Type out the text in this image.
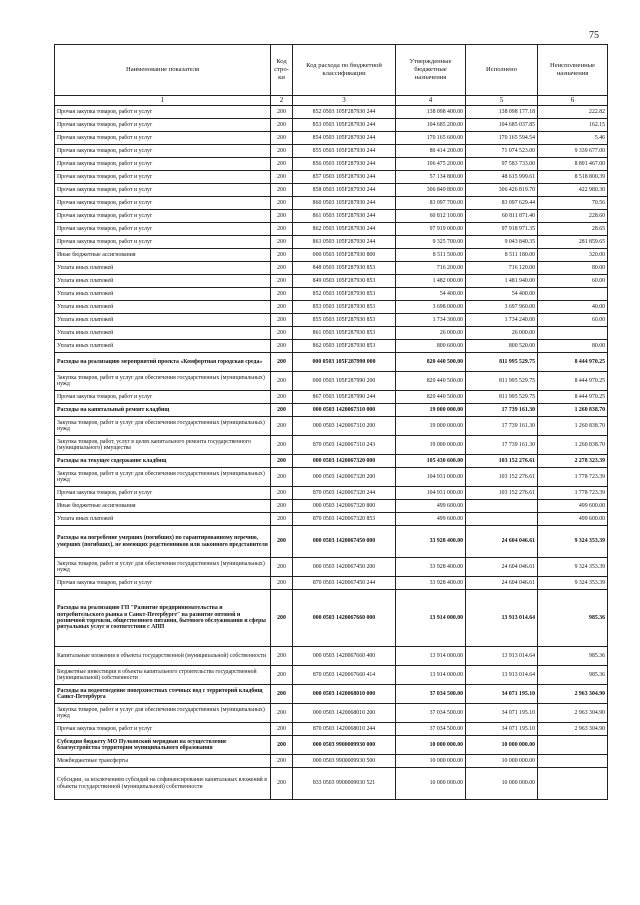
75
Наименование показателя	Код стро-ки	Код расхода по бюджетной классификации	Утвержденные бюджетные назначения	Исполнено	Неисполненные назначения
1	2	3	4	5	6
Прочая закупка товаров, работ и услуг	200	852 0503 105F287930 244	138 098 400.00	138 098 177.18	222.82
Прочая закупка товаров, работ и услуг	200	853 0503 105F287930 244	104 685 200.00	104 685 037.85	162.15
Прочая закупка товаров, работ и услуг	200	854 0503 105F287930 244	170 165 600.00	170 165 594.54	5.46
Прочая закупка товаров, работ и услуг	200	855 0503 105F287930 244	80 414 200.00	71 074 523.00	9 339 677.00
Прочая закупка товаров, работ и услуг	200	856 0503 105F287930 244	106 475 200.00	97 583 733.00	8 891 467.00
Прочая закупка товаров, работ и услуг	200	857 0503 105F287930 244	57 134 800.00	48 615 999.61	8 518 800.39
Прочая закупка товаров, работ и услуг	200	858 0503 105F287930 244	306 849 800.00	306 426 819.70	422 980.30
Прочая закупка товаров, работ и услуг	200	860 0503 105F287930 244	83 097 700.00	83 097 629.44	70.56
Прочая закупка товаров, работ и услуг	200	861 0503 105F287930 244	60 812 100.00	60 811 871.40	228.60
Прочая закупка товаров, работ и услуг	200	862 0503 105F287930 244	97 919 000.00	97 918 971.35	28.65
Прочая закупка товаров, работ и услуг	200	863 0503 105F287930 244	9 325 700.00	9 043 840.35	281 859.65
Иные бюджетные ассигнования	200	000 0503 105F287930 800	8 511 500.00	8 511 180.00	320.00
Уплата иных платежей	200	848 0503 105F287930 853	716 200.00	716 120.00	80.00
Уплата иных платежей	200	849 0503 105F287930 853	1 482 000.00	1 481 940.00	60.00
Уплата иных платежей	200	852 0503 105F287930 853	54 400.00	54 400.00	
Уплата иных платежей	200	853 0503 105F287930 853	3 698 000.00	3 697 960.00	40.00
Уплата иных платежей	200	855 0503 105F287930 853	1 734 300.00	1 734 240.00	60.00
Уплата иных платежей	200	861 0503 105F287930 853	26 000.00	26 000.00	
Уплата иных платежей	200	862 0503 105F287930 853	800 600.00	800 520.00	80.00
Расходы на реализацию мероприятий проекта «Комфортная городская среда»	200	000 0503 105F287990 000	820 440 500.00	811 995 529.75	8 444 970.25
Закупка товаров, работ и услуг для обеспечения государственных (муниципальных) нужд	200	000 0503 105F287990 200	820 440 500.00	811 995 529.75	8 444 970.25
Прочая закупка товаров, работ и услуг	200	867 0503 105F287990 244	820 440 500.00	811 995 529.75	8 444 970.25
Расходы на капитальный ремонт кладбищ	200	000 0503 1420067310 000	19 000 000.00	17 739 161.30	1 260 838.70
Закупка товаров, работ и услуг для обеспечения государственных (муниципальных) нужд	200	000 0503 1420067310 200	19 000 000.00	17 739 161.30	1 260 838.70
Закупка товаров, работ, услуг в целях капитального ремонта государственного (муниципального) имущества	200	870 0503 1420067310 243	19 000 000.00	17 739 161.30	1 260 838.70
Расходы на текущее содержание кладбищ	200	000 0503 1420067320 000	105 430 600.00	103 152 276.61	2 278 323.39
Закупка товаров, работ и услуг для обеспечения государственных (муниципальных) нужд	200	000 0503 1420067320 200	104 931 000.00	103 152 276.61	1 778 723.39
Прочая закупка товаров, работ и услуг	200	870 0503 1420067320 244	104 931 000.00	103 152 276.61	1 778 723.39
Иные бюджетные ассигнования	200	000 0503 1420067320 800	499 600.00		499 600.00
Уплата иных платежей	200	870 0503 1420067320 853	499 600.00		499 600.00
Расходы на погребение умерших (погибших) по гарантированному перечню, умерших (погибших), не имеющих родственников или законного представителя	200	000 0503 1420067450 000	33 928 400.00	24 604 046.61	9 324 353.39
Закупка товаров, работ и услуг для обеспечения государственных (муниципальных) нужд	200	000 0503 1420067450 200	33 928 400.00	24 604 046.61	9 324 353.39
Прочая закупка товаров, работ и услуг	200	870 0503 1420067450 244	33 928 400.00	24 604 046.61	9 324 353.39
Расходы на реализацию ГП "Развитие предпринимательства и потребительского рынка в Санкт-Петербурге" на развитие оптовой и розничной торговли, общественного питания, бытового обслуживания и сферы ритуальных услуг в соответствии с АПП	200	000 0503 1420067660 000	13 914 000.00	13 913 014.64	985.36
Капитальные вложения в объекты государственной (муниципальной) собственности	200	000 0503 1420067660 400	13 914 000.00	13 913 014.64	985.36
Бюджетные инвестиции в объекты капитального строительства государственной (муниципальной) собственности	200	870 0503 1420067660 414	13 914 000.00	13 913 014.64	985.36
Расходы на водоотведение поверхностных сточных вод с территорий кладбищ Санкт-Петербурга	200	000 0503 1420068010 000	37 034 500.00	34 071 195.10	2 963 304.90
Закупка товаров, работ и услуг для обеспечения государственных (муниципальных) нужд	200	000 0503 1420068010 200	37 034 500.00	34 071 195.10	2 963 304.90
Прочая закупка товаров, работ и услуг	200	870 0503 1420068010 244	37 034 500.00	34 071 195.10	2 963 304.90
Субсидия бюджету МО Пулковский меридиан на осуществление благоустройства территории муниципального образования	200	000 0503 9900009930 000	10 000 000.00	10 000 000.00	
Межбюджетные трансферты	200	000 0503 9900009930 500	10 000 000.00	10 000 000.00	
Субсидии, за исключением субсидий на софинансирование капитальных вложений в объекты государственной (муниципальной) собственности	200	833 0503 9900009930 521	10 000 000.00	10 000 000.00	
